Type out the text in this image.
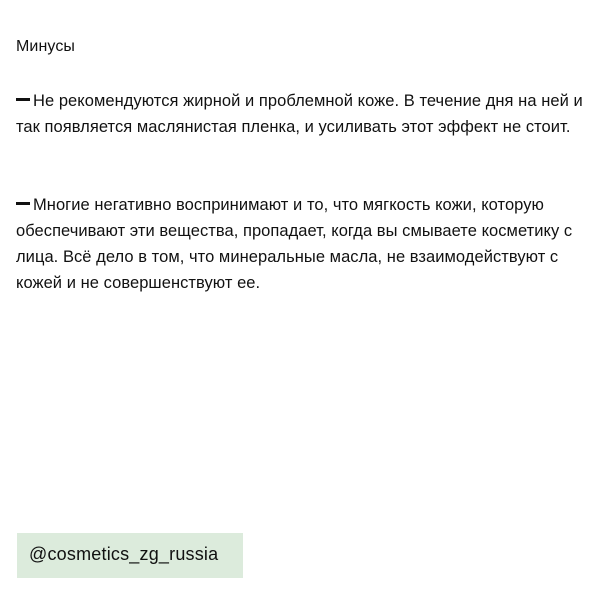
Минусы

Не рекомендуются жирной и проблемной коже. В течение дня на ней и так появляется маслянистая пленка, и усиливать этот эффект не стоит.

Многие негативно воспринимают и то, что мягкость кожи, которую обеспечивают эти вещества, пропадает, когда вы смываете косметику с лица. Всё дело в том, что минеральные масла, не взаимодействуют с кожей и не совершенствуют ее.

@cosmetics_zg_russia
